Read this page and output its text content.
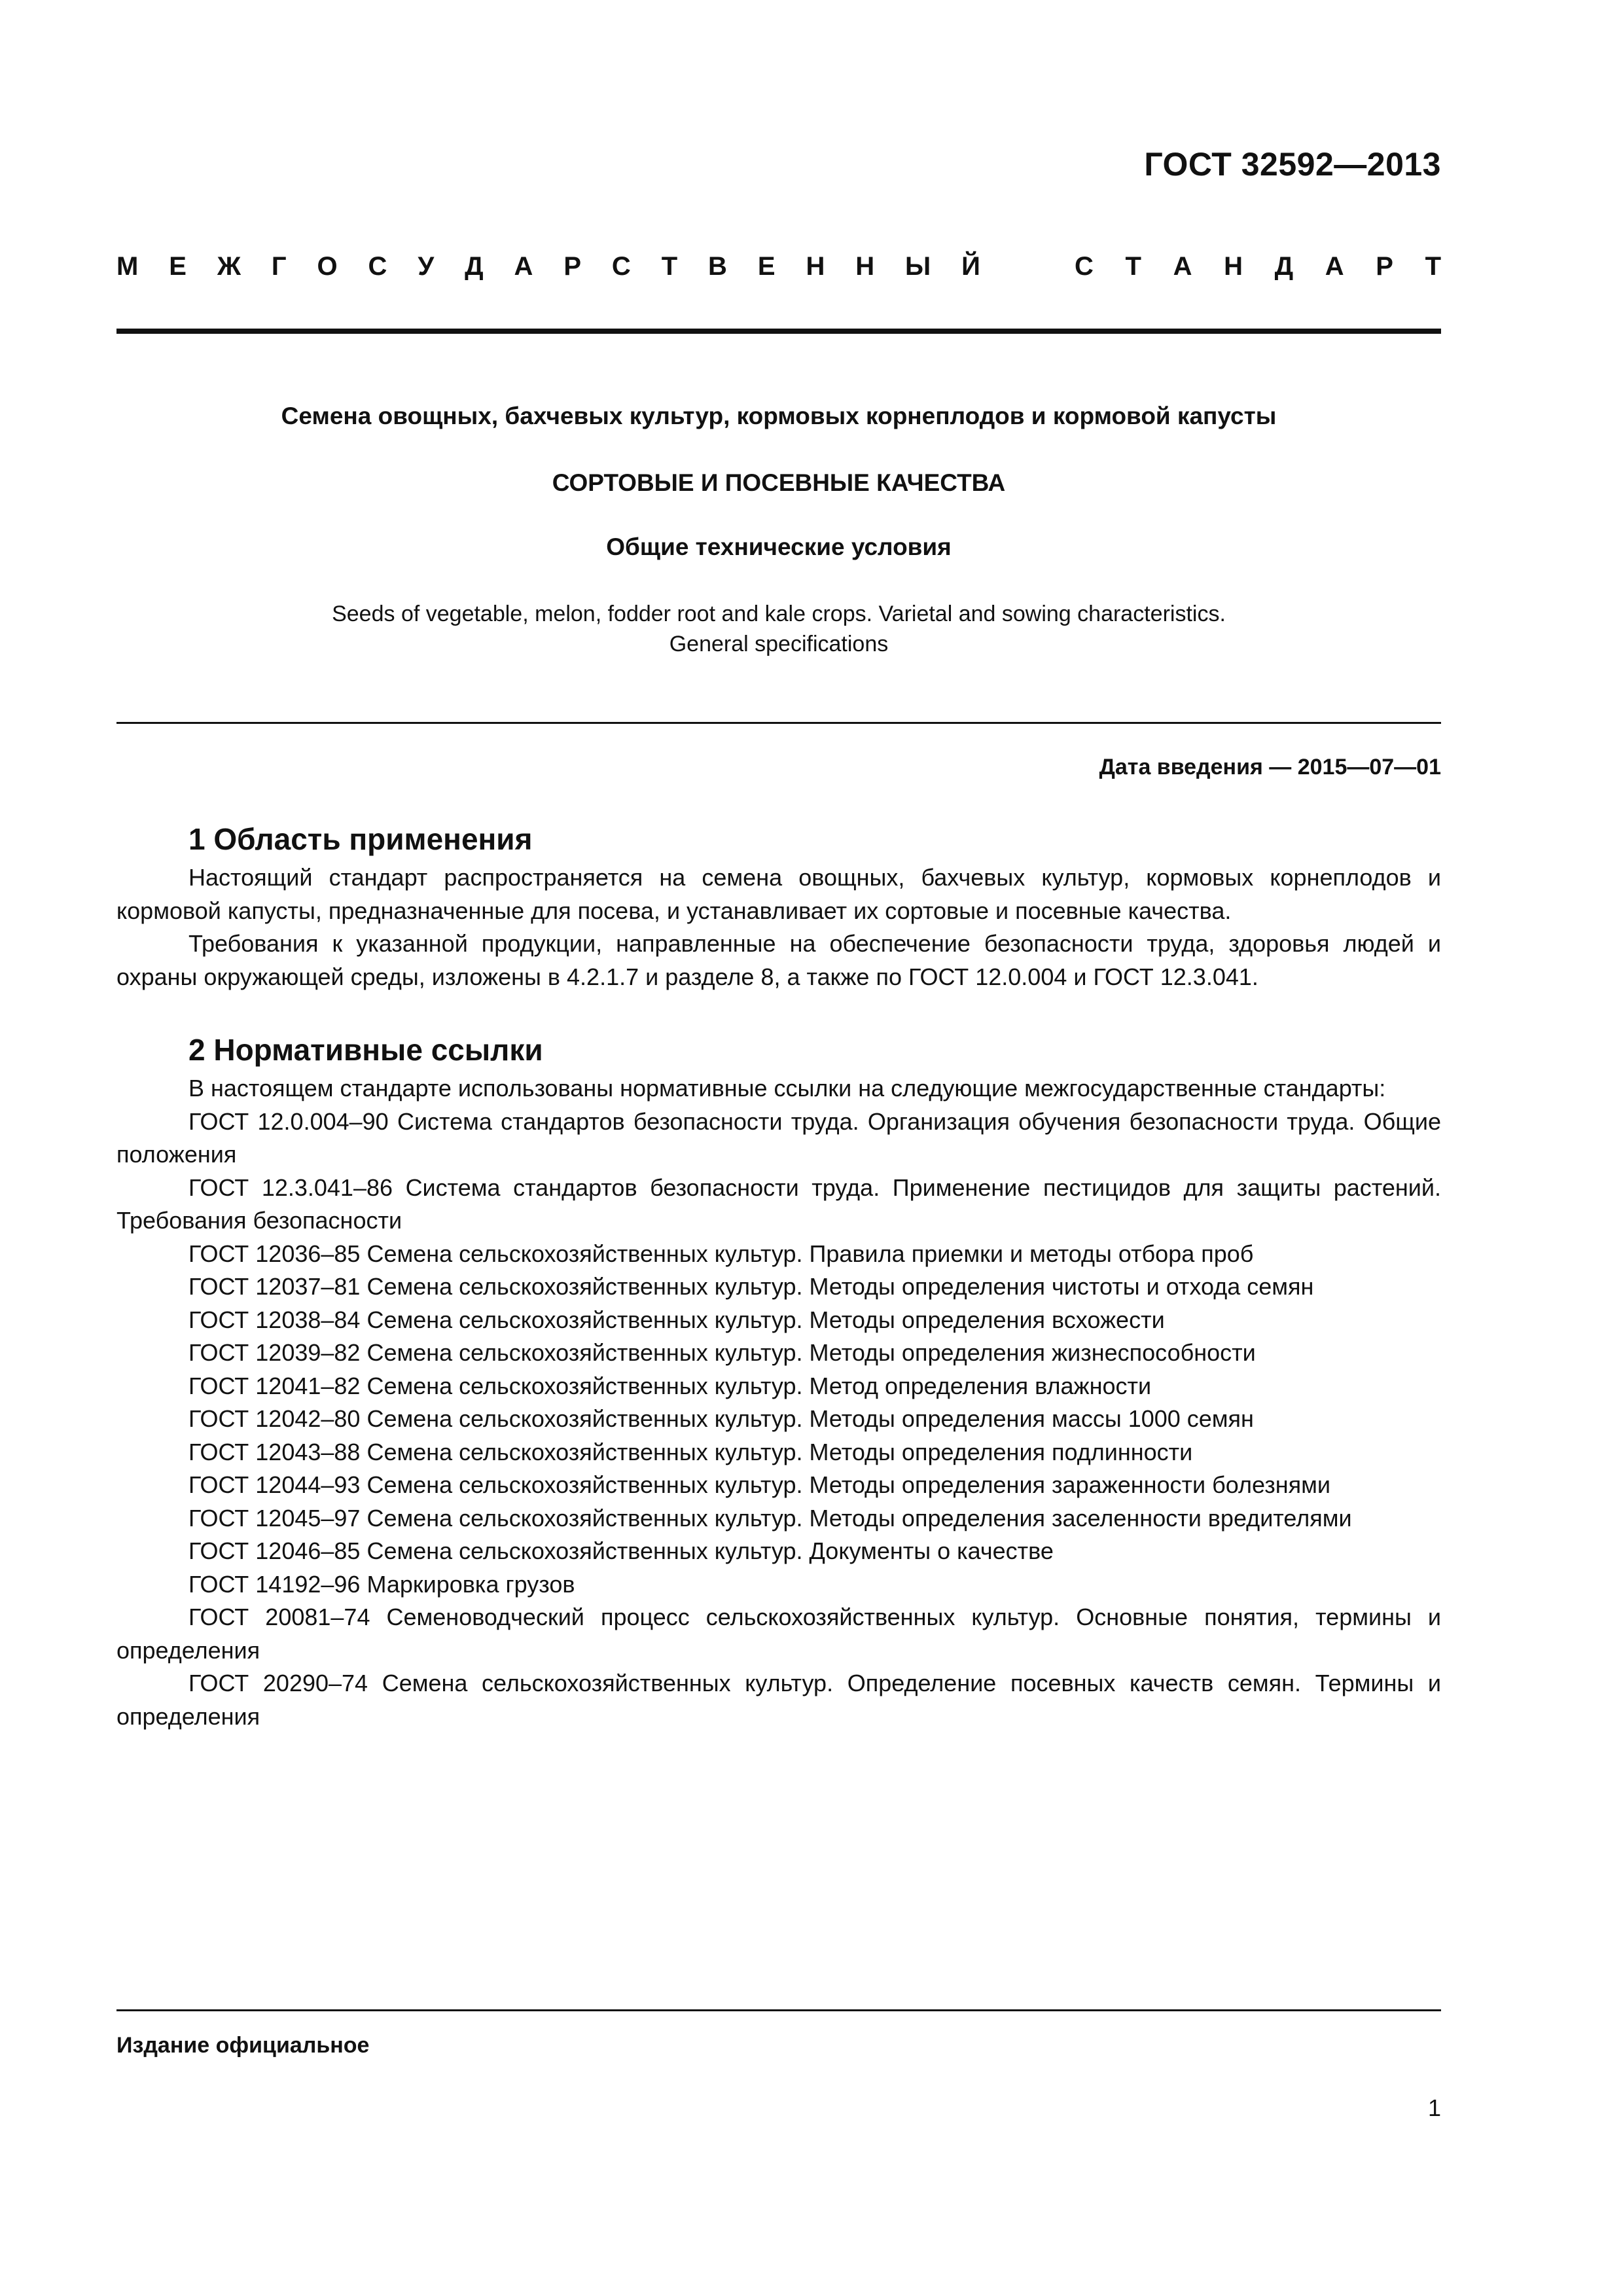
ГОСТ 32592—2013
М Е Ж Г О С У Д А Р С Т В Е Н Н Ы Й	С Т А Н Д А Р Т
Семена овощных, бахчевых культур, кормовых корнеплодов и кормовой капусты
СОРТОВЫЕ И ПОСЕВНЫЕ КАЧЕСТВА
Общие технические условия
Seeds of vegetable, melon, fodder root and kale crops. Varietal and sowing characteristics.
General specifications
Дата введения — 2015—07—01
1 Область применения

Настоящий стандарт распространяется на семена овощных, бахчевых культур, кормовых корнеплодов и кормовой капусты, предназначенные для посева, и устанавливает их сортовые и посевные качества.

Требования к указанной продукции, направленные на обеспечение безопасности труда, здоровья людей и охраны окружающей среды, изложены в 4.2.1.7 и разделе 8, а также по ГОСТ 12.0.004 и ГОСТ 12.3.041.

2 Нормативные ссылки

В настоящем стандарте использованы нормативные ссылки на следующие межгосударственные стандарты:

ГОСТ 12.0.004–90 Система стандартов безопасности труда. Организация обучения безопасности труда. Общие положения
ГОСТ 12.3.041–86 Система стандартов безопасности труда. Применение пестицидов для защиты растений. Требования безопасности
ГОСТ 12036–85 Семена сельскохозяйственных культур. Правила приемки и методы отбора проб
ГОСТ 12037–81 Семена сельскохозяйственных культур. Методы определения чистоты и отхода семян
ГОСТ 12038–84 Семена сельскохозяйственных культур. Методы определения всхожести
ГОСТ 12039–82 Семена сельскохозяйственных культур. Методы определения жизнеспособности
ГОСТ 12041–82 Семена сельскохозяйственных культур. Метод определения влажности
ГОСТ 12042–80 Семена сельскохозяйственных культур. Методы определения массы 1000 семян
ГОСТ 12043–88 Семена сельскохозяйственных культур. Методы определения подлинности
ГОСТ 12044–93 Семена сельскохозяйственных культур. Методы определения зараженности болезнями
ГОСТ 12045–97 Семена сельскохозяйственных культур. Методы определения заселенности вредителями
ГОСТ 12046–85 Семена сельскохозяйственных культур. Документы о качестве
ГОСТ 14192–96 Маркировка грузов
ГОСТ 20081–74 Семеноводческий процесс сельскохозяйственных культур. Основные понятия, термины и определения
ГОСТ 20290–74 Семена сельскохозяйственных культур. Определение посевных качеств семян. Термины и определения
Издание официальное
1
